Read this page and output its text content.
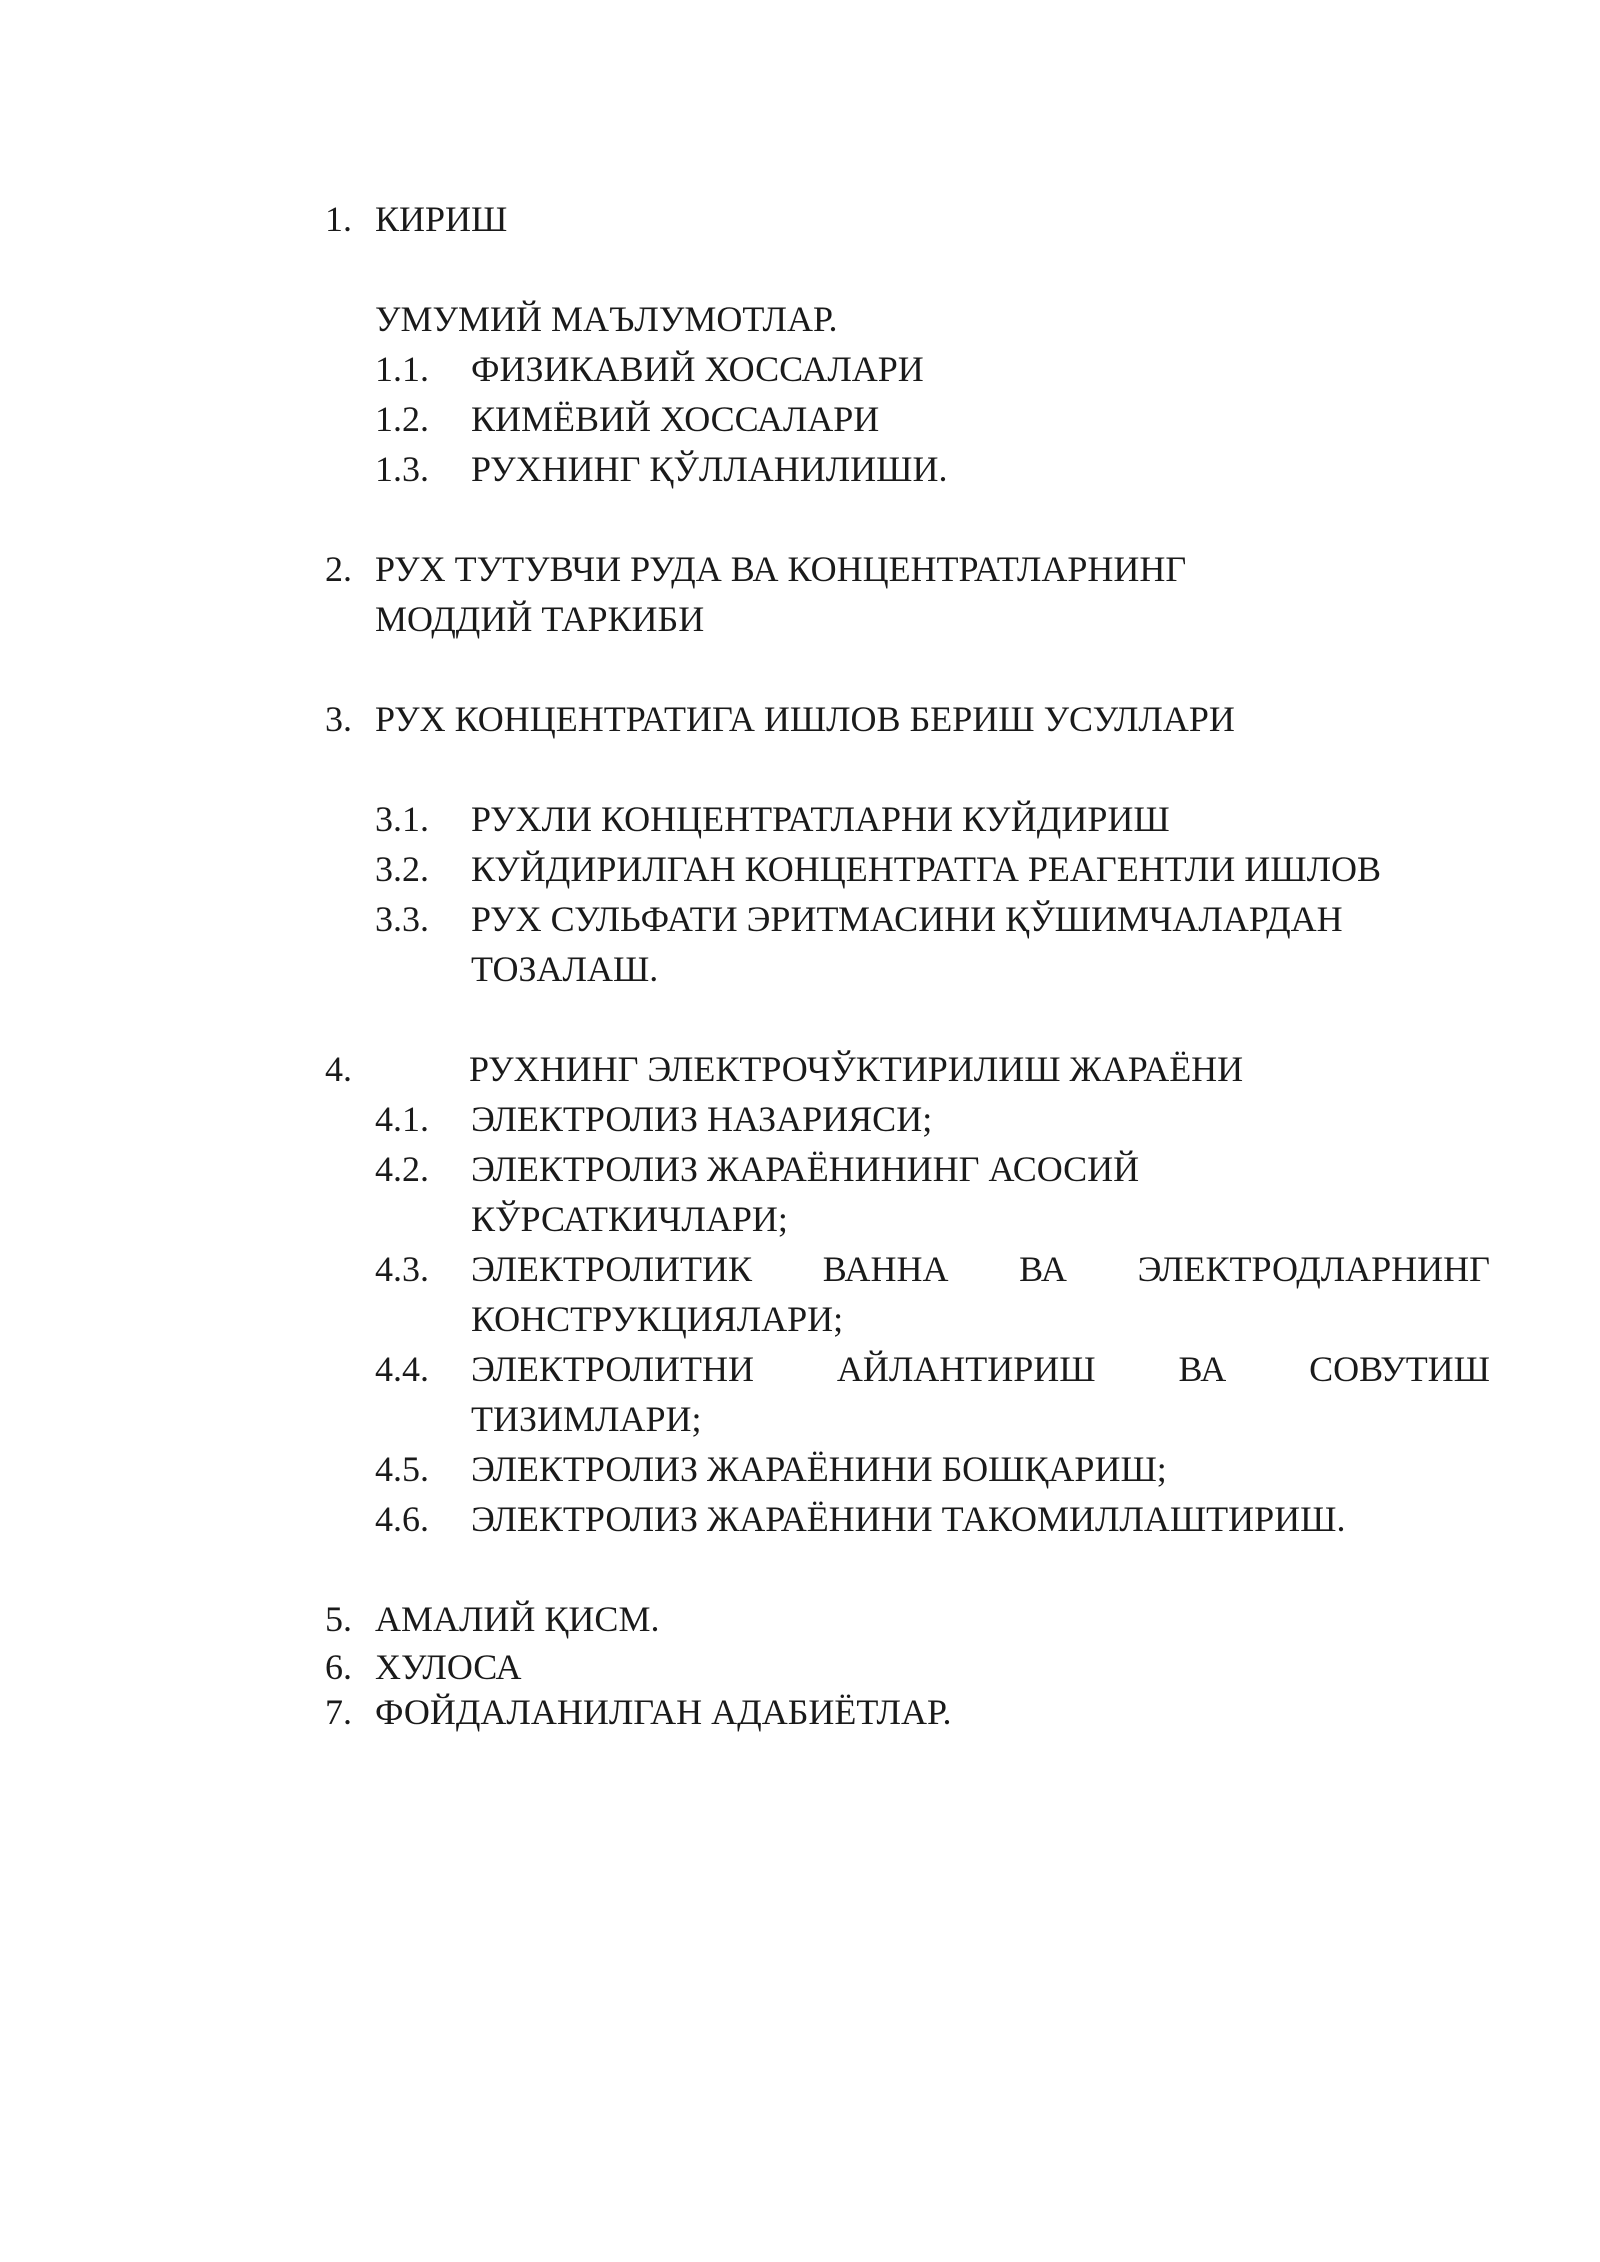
1. КИРИШ
УМУМИЙ МАЪЛУМОТЛАР.
1.1. ФИЗИКАВИЙ ХОССАЛАРИ
1.2. КИМЁВИЙ ХОССАЛАРИ
1.3. РУХНИНГ ҚЎЛЛАНИЛИШИ.
2. РУХ ТУТУВЧИ РУДА ВА КОНЦЕНТРАТЛАРНИНГ
МОДДИЙ ТАРКИБИ
3. РУХ КОНЦЕНТРАТИГА ИШЛОВ БЕРИШ УСУЛЛАРИ
3.1. РУХЛИ КОНЦЕНТРАТЛАРНИ КУЙДИРИШ
3.2. КУЙДИРИЛГАН КОНЦЕНТРАТГА РЕАГЕНТЛИ ИШЛОВ
3.3. РУХ СУЛЬФАТИ ЭРИТМАСИНИ ҚЎШИМЧАЛАРДАН
ТОЗАЛАШ.
4.	РУХНИНГ ЭЛЕКТРОЧЎКТИРИЛИШ ЖАРАЁНИ
4.1. ЭЛЕКТРОЛИЗ НАЗАРИЯСИ;
4.2. ЭЛЕКТРОЛИЗ ЖАРАЁНИНИНГ АСОСИЙ
КЎРСАТКИЧЛАРИ;
4.3. ЭЛЕКТРОЛИТИК ВАННА ВА ЭЛЕКТРОДЛАРНИНГ
КОНСТРУКЦИЯЛАРИ;
4.4. ЭЛЕКТРОЛИТНИ АЙЛАНТИРИШ ВА СОВУТИШ
ТИЗИМЛАРИ;
4.5. ЭЛЕКТРОЛИЗ ЖАРАЁНИНИ БОШҚАРИШ;
4.6. ЭЛЕКТРОЛИЗ ЖАРАЁНИНИ ТАКОМИЛЛАШТИРИШ.
5. АМАЛИЙ ҚИСМ.
6. ХУЛОСА
7. ФОЙДАЛАНИЛГАН АДАБИЁТЛАР.
